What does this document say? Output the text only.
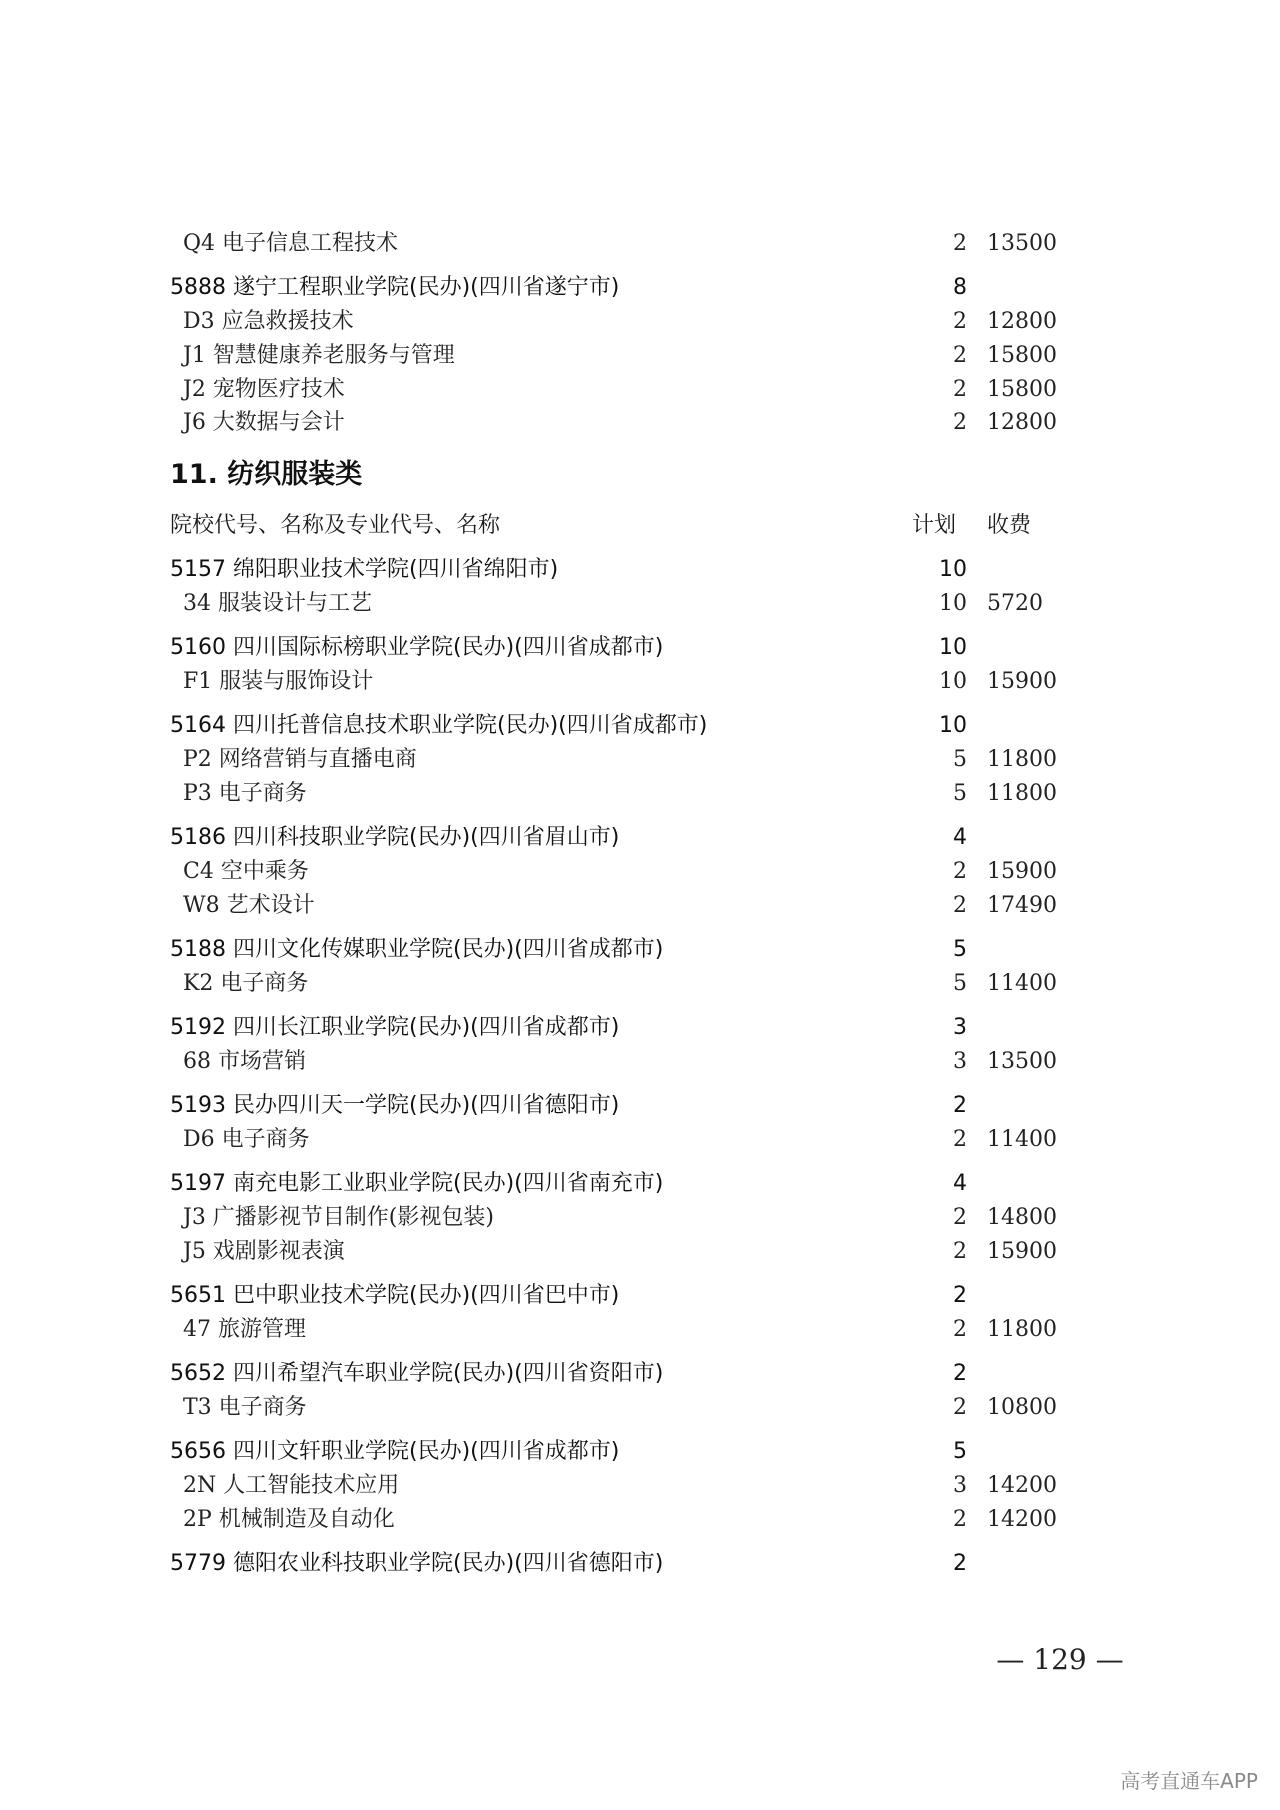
Q4 电子信息工程技术	2 13500
5888 遂宁工程职业学院(民办)(四川省遂宁市)	8
D3 应急救援技术	2 12800
J1 智慧健康养老服务与管理	2 15800
J2 宠物医疗技术	2 15800
J6 大数据与会计	2 12800
11. 纺织服装类
院校代号、名称及专业代号、名称	计划 收费
5157 绵阳职业技术学院(四川省绵阳市)	10
34 服装设计与工艺	10 5720
5160 四川国际标榜职业学院(民办)(四川省成都市)	10
F1 服装与服饰设计	10 15900
5164 四川托普信息技术职业学院(民办)(四川省成都市)	10
P2 网络营销与直播电商	5 11800
P3 电子商务	5 11800
5186 四川科技职业学院(民办)(四川省眉山市)	4
C4 空中乘务	2 15900
W8 艺术设计	2 17490
5188 四川文化传媒职业学院(民办)(四川省成都市)	5
K2 电子商务	5 11400
5192 四川长江职业学院(民办)(四川省成都市)	3
68 市场营销	3 13500
5193 民办四川天一学院(民办)(四川省德阳市)	2
D6 电子商务	2 11400
5197 南充电影工业职业学院(民办)(四川省南充市)	4
J3 广播影视节目制作(影视包装)	2 14800
J5 戏剧影视表演	2 15900
5651 巴中职业技术学院(民办)(四川省巴中市)	2
47 旅游管理	2 11800
5652 四川希望汽车职业学院(民办)(四川省资阳市)	2
T3 电子商务	2 10800
5656 四川文轩职业学院(民办)(四川省成都市)	5
2N 人工智能技术应用	3 14200
2P 机械制造及自动化	2 14200
5779 德阳农业科技职业学院(民办)(四川省德阳市)	2
— 129 —
高考直通车APP
